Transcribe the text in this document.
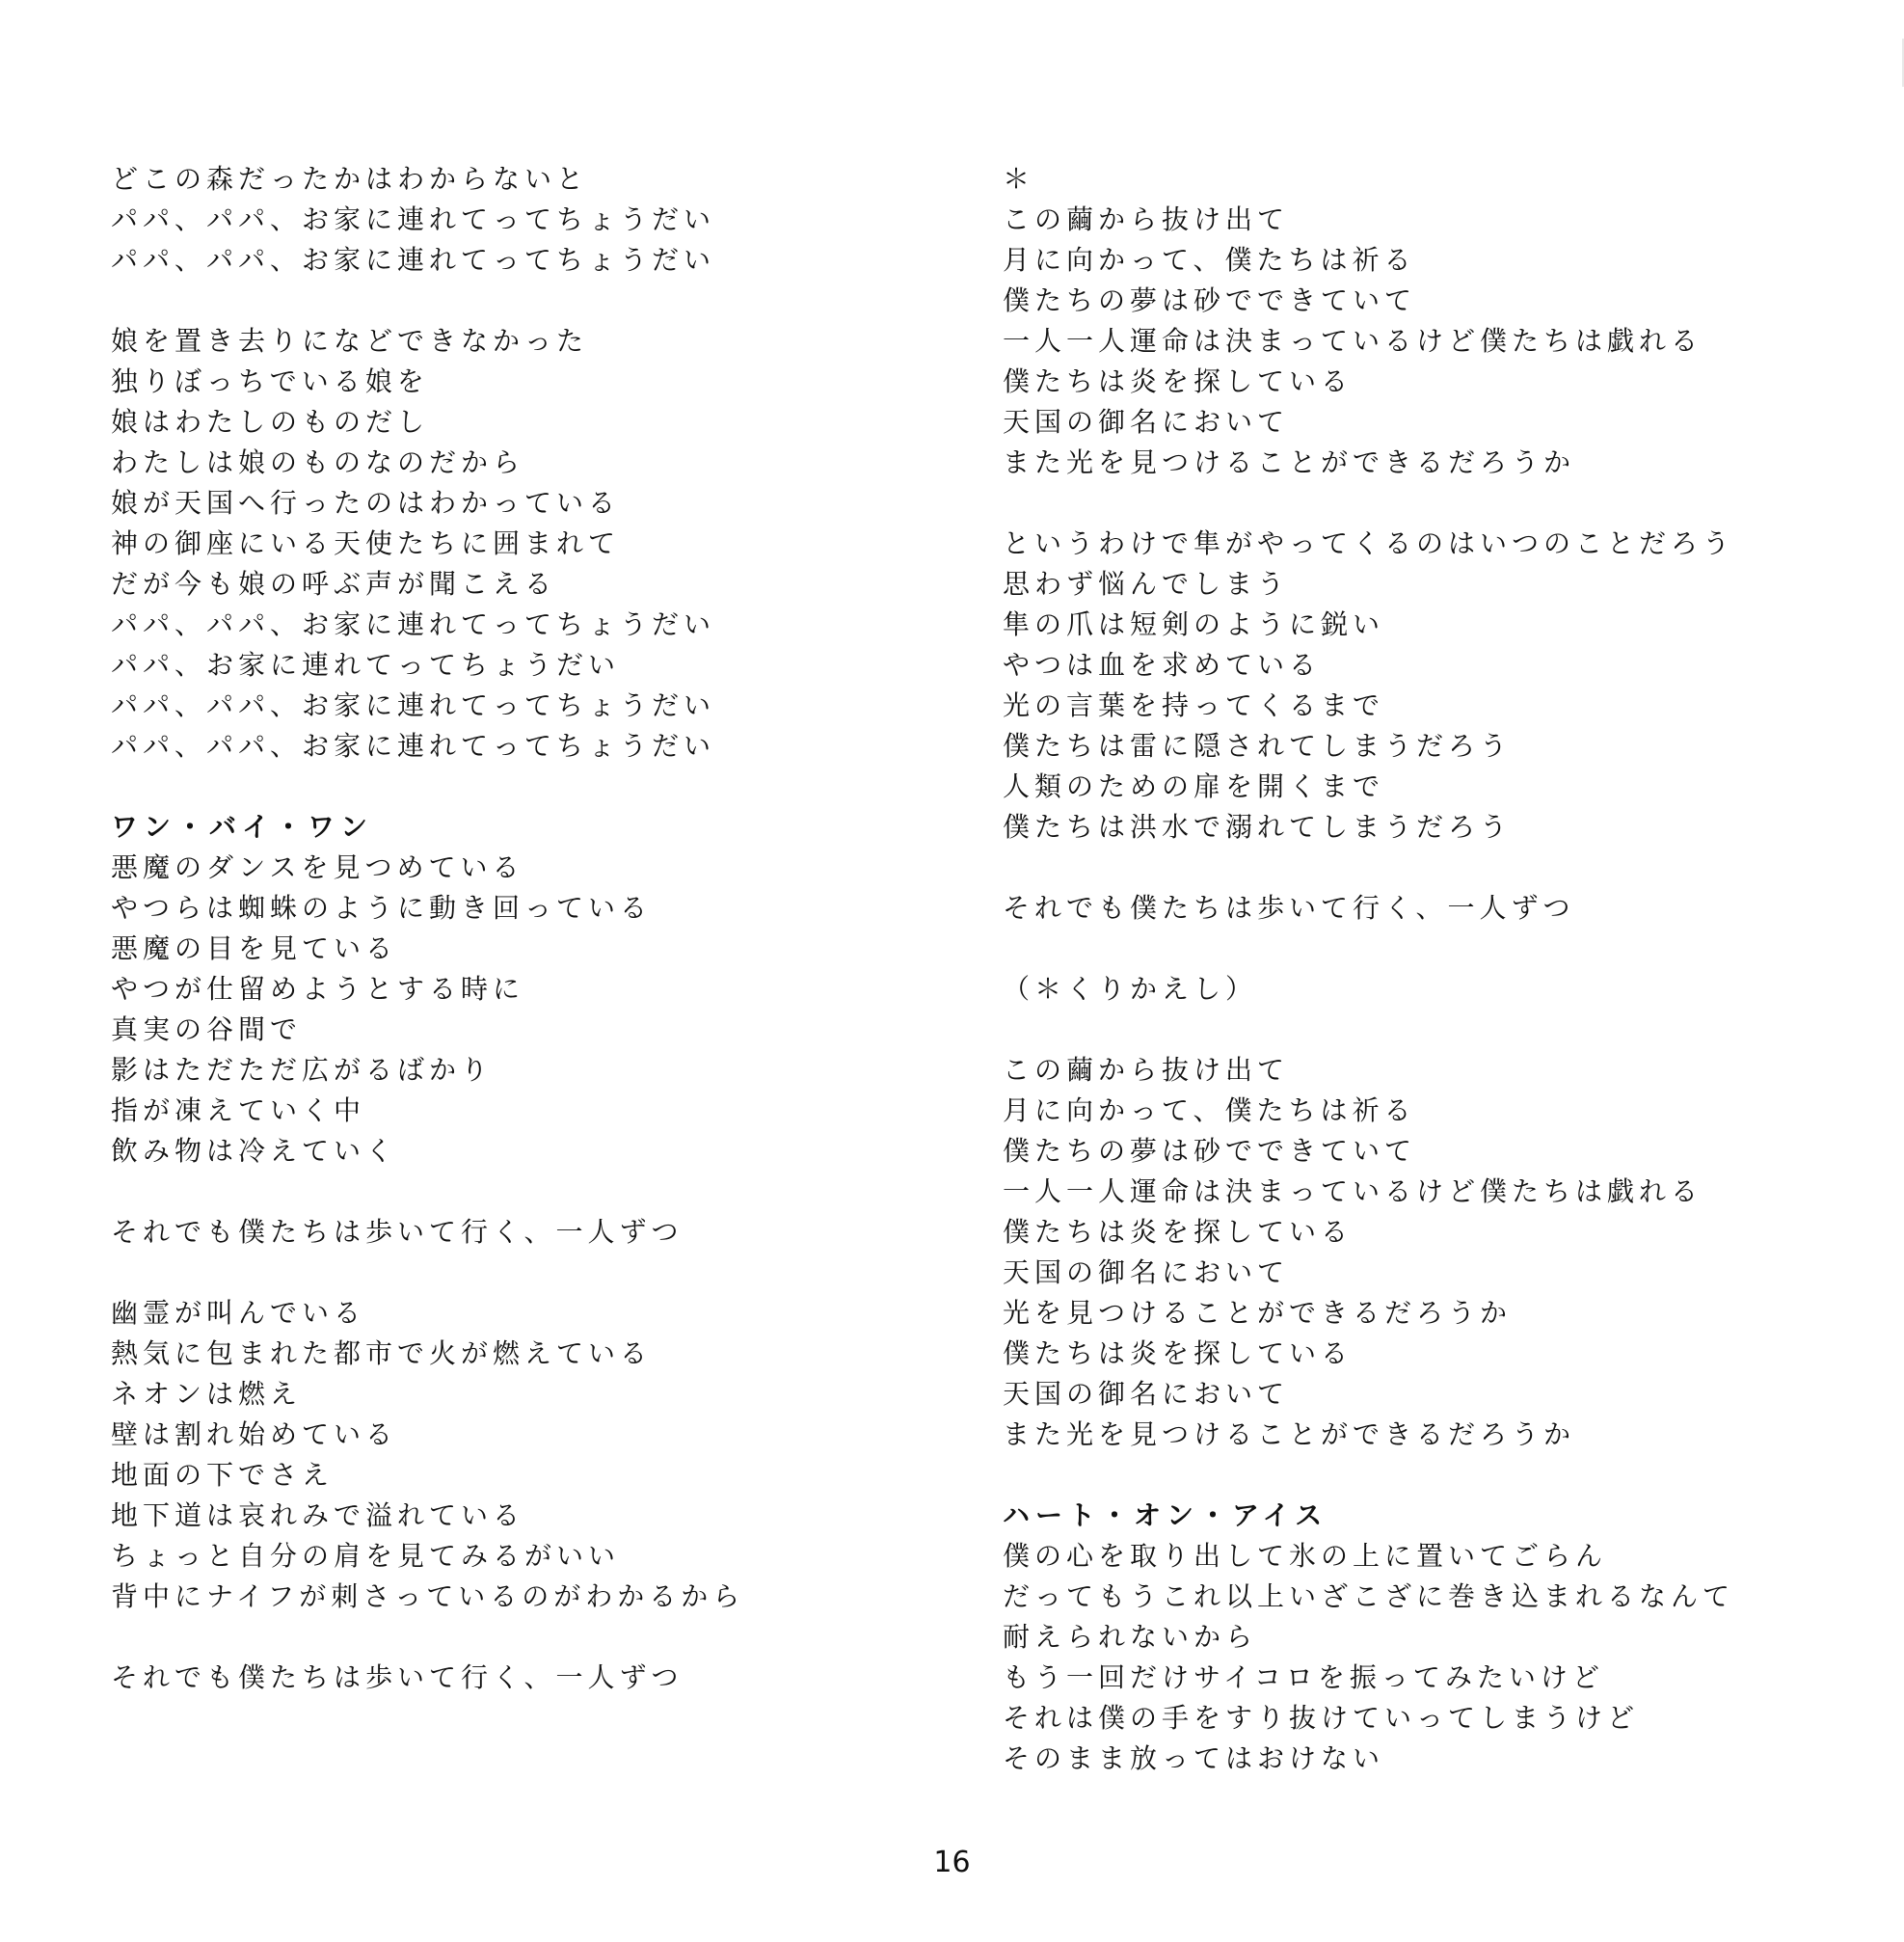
どこの森だったかはわからないと
パパ、パパ、お家に連れてってちょうだい
パパ、パパ、お家に連れてってちょうだい
娘を置き去りになどできなかった
独りぼっちでいる娘を
娘はわたしのものだし
わたしは娘のものなのだから
娘が天国へ行ったのはわかっている
神の御座にいる天使たちに囲まれて
だが今も娘の呼ぶ声が聞こえる
パパ、パパ、お家に連れてってちょうだい
パパ、お家に連れてってちょうだい
パパ、パパ、お家に連れてってちょうだい
パパ、パパ、お家に連れてってちょうだい
ワン・バイ・ワン
悪魔のダンスを見つめている
やつらは蜘蛛のように動き回っている
悪魔の目を見ている
やつが仕留めようとする時に
真実の谷間で
影はただただ広がるばかり
指が凍えていく中
飲み物は冷えていく
それでも僕たちは歩いて行く、一人ずつ
幽霊が叫んでいる
熱気に包まれた都市で火が燃えている
ネオンは燃え
壁は割れ始めている
地面の下でさえ
地下道は哀れみで溢れている
ちょっと自分の肩を見てみるがいい
背中にナイフが刺さっているのがわかるから
それでも僕たちは歩いて行く、一人ずつ
＊
この繭から抜け出て
月に向かって、僕たちは祈る
僕たちの夢は砂でできていて
一人一人運命は決まっているけど僕たちは戯れる
僕たちは炎を探している
天国の御名において
また光を見つけることができるだろうか
というわけで隼がやってくるのはいつのことだろう
思わず悩んでしまう
隼の爪は短剣のように鋭い
やつは血を求めている
光の言葉を持ってくるまで
僕たちは雷に隠されてしまうだろう
人類のための扉を開くまで
僕たちは洪水で溺れてしまうだろう
それでも僕たちは歩いて行く、一人ずつ
（＊くりかえし）
この繭から抜け出て
月に向かって、僕たちは祈る
僕たちの夢は砂でできていて
一人一人運命は決まっているけど僕たちは戯れる
僕たちは炎を探している
天国の御名において
光を見つけることができるだろうか
僕たちは炎を探している
天国の御名において
また光を見つけることができるだろうか
ハート・オン・アイス
僕の心を取り出して氷の上に置いてごらん
だってもうこれ以上いざこざに巻き込まれるなんて
耐えられないから
もう一回だけサイコロを振ってみたいけど
それは僕の手をすり抜けていってしまうけど
そのまま放ってはおけない
16
